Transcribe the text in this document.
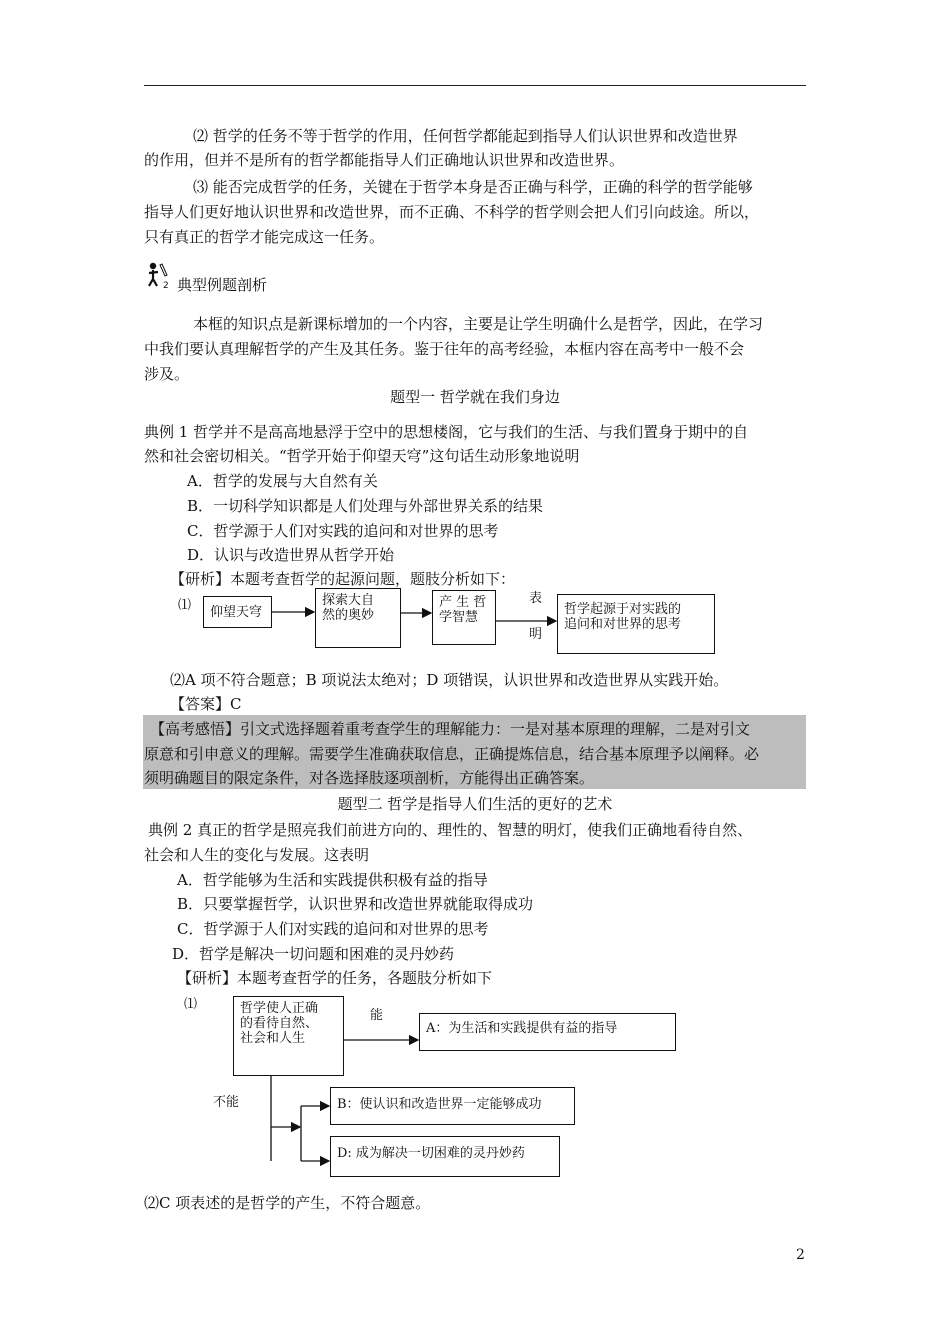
⑵ 哲学的任务不等于哲学的作用，任何哲学都能起到指导人们认识世界和改造世界
的作用，但并不是所有的哲学都能指导人们正确地认识世界和改造世界。
⑶ 能否完成哲学的任务，关键在于哲学本身是否正确与科学，正确的科学的哲学能够
指导人们更好地认识世界和改造世界，而不正确、不科学的哲学则会把人们引向歧途。所以，
只有真正的哲学才能完成这一任务。
2 典型例题剖析
本框的知识点是新课标增加的一个内容，主要是让学生明确什么是哲学，因此，在学习
中我们要认真理解哲学的产生及其任务。鉴于往年的高考经验，本框内容在高考中一般不会
涉及。
题型一 哲学就在我们身边
典例 1 哲学并不是高高地悬浮于空中的思想楼阁，它与我们的生活、与我们置身于期中的自
然和社会密切相关。“哲学开始于仰望天穹”这句话生动形象地说明
A．哲学的发展与大自然有关
B．一切科学知识都是人们处理与外部世界关系的结果
C．哲学源于人们对实践的追问和对世界的思考
D．认识与改造世界从哲学开始
【研析】本题考查哲学的起源问题，题肢分析如下：
⑴	仰望天穹
探索大自
然的奥妙
产 生 哲
学智慧
表
明
哲学起源于对实践的
追问和对世界的思考
⑵A 项不符合题意；B 项说法太绝对；D 项错误，认识世界和改造世界从实践开始。
【答案】C
【高考感悟】引文式选择题着重考查学生的理解能力：一是对基本原理的理解，二是对引文
原意和引申意义的理解。需要学生准确获取信息，正确提炼信息，结合基本原理予以阐释。必
须明确题目的限定条件，对各选择肢逐项剖析，方能得出正确答案。
题型二 哲学是指导人们生活的更好的艺术
典例 2 真正的哲学是照亮我们前进方向的、理性的、智慧的明灯，使我们正确地看待自然、
社会和人生的变化与发展。这表明
A．哲学能够为生活和实践提供积极有益的指导
B．只要掌握哲学，认识世界和改造世界就能取得成功
C．哲学源于人们对实践的追问和对世界的思考
D．哲学是解决一切问题和困难的灵丹妙药
【研析】本题考查哲学的任务，各题肢分析如下
⑴	哲学使人正确
的看待自然、
社会和人生
能
A：为生活和实践提供有益的指导
不能	B：使认识和改造世界一定能够成功
D: 成为解决一切困难的灵丹妙药
⑵C 项表述的是哲学的产生，不符合题意。
2
